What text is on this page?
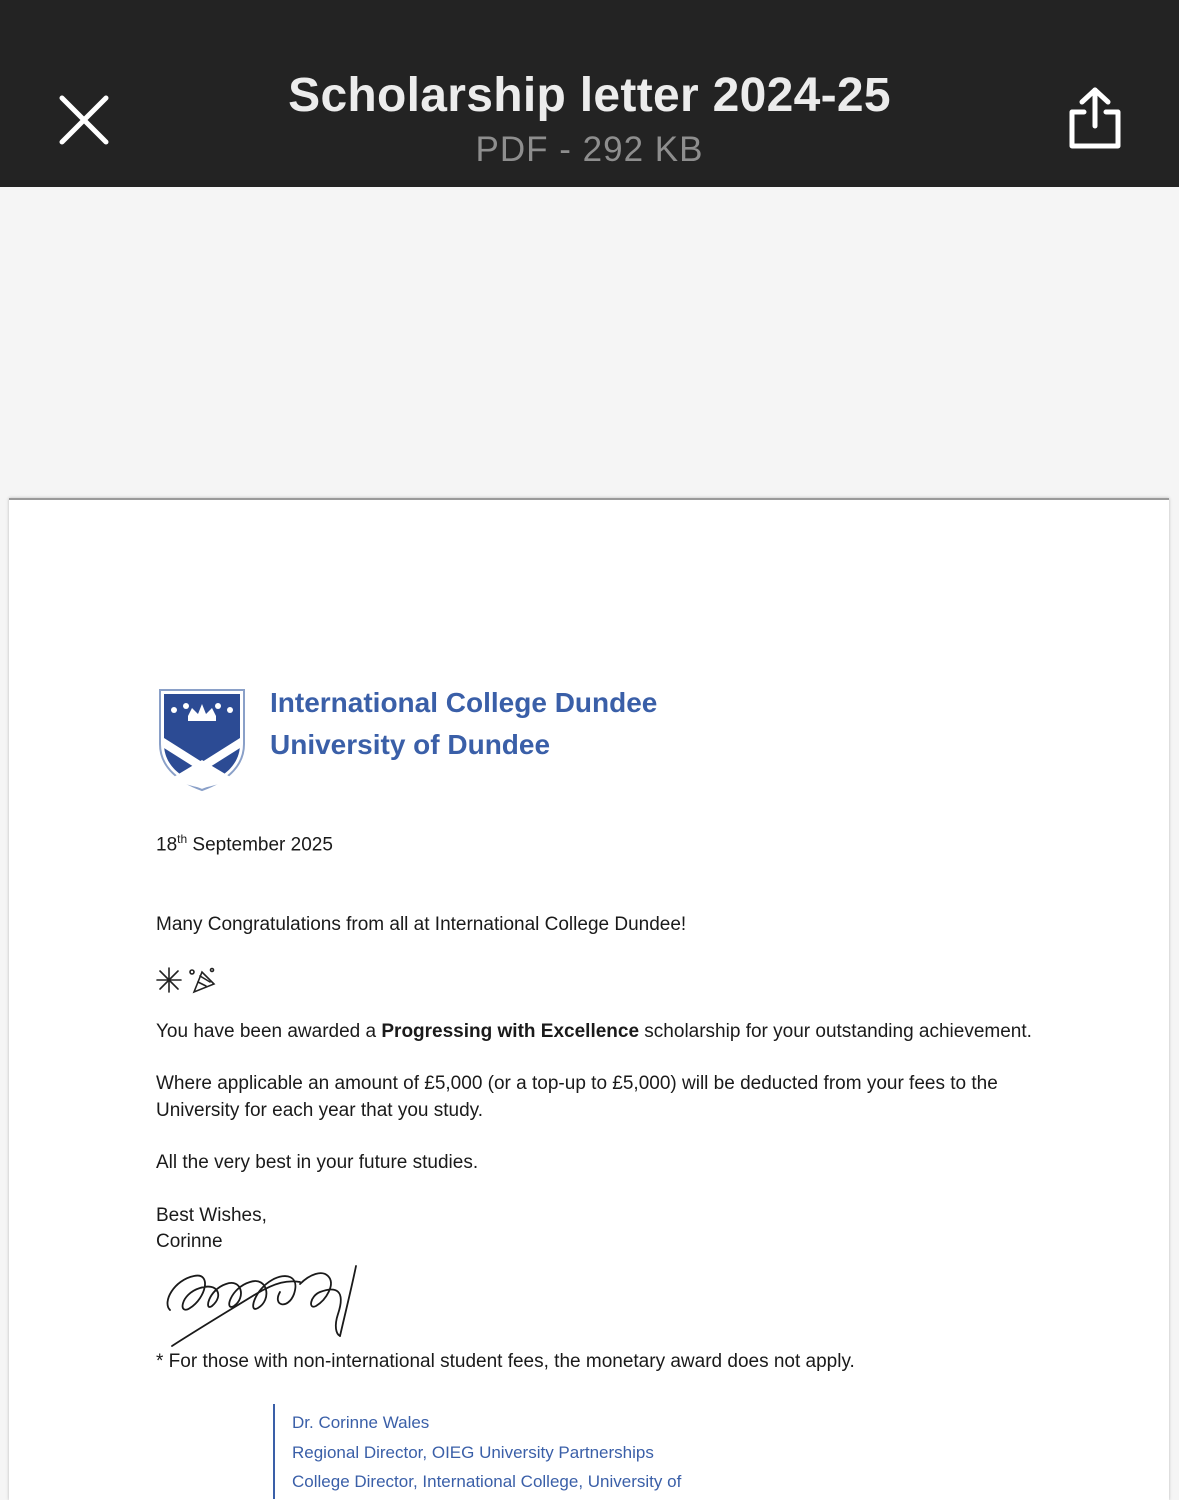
Scholarship letter 2024-25
PDF - 292 KB
International College Dundee
University of Dundee
18th September 2025
Many Congratulations from all at International College Dundee!
You have been awarded a Progressing with Excellence scholarship for your outstanding achievement.
Where applicable an amount of £5,000 (or a top-up to £5,000) will be deducted from your fees to the
University for each year that you study.
All the very best in your future studies.
Best Wishes,
Corinne
* For those with non-international student fees, the monetary award does not apply.
Dr. Corinne Wales
Regional Director, OIEG University Partnerships
College Director, International College, University of
